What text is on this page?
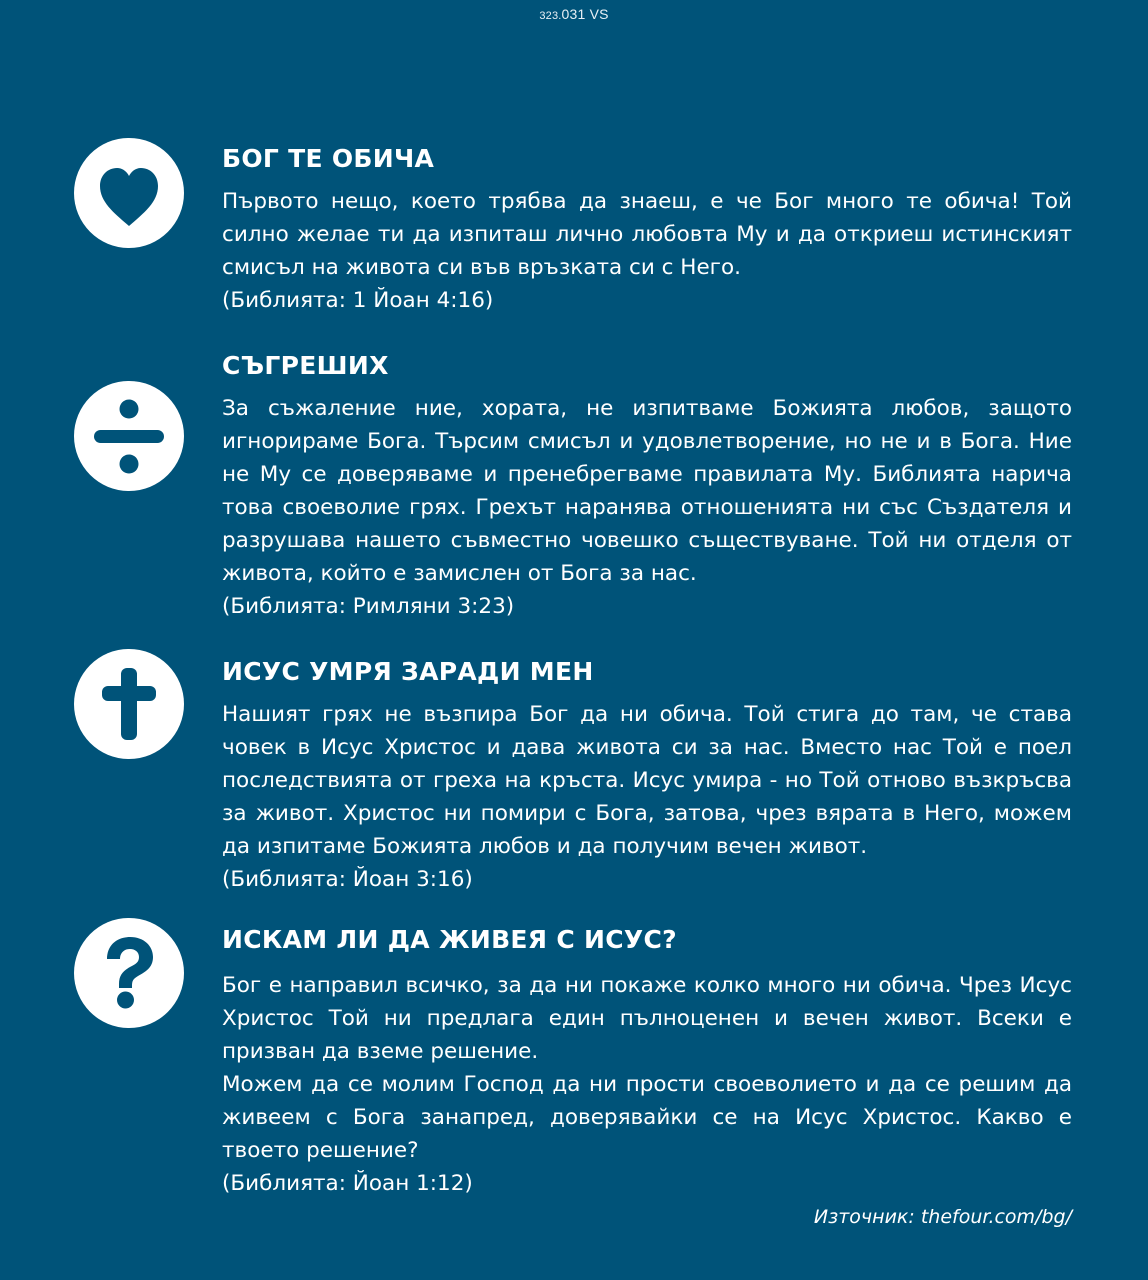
323.031 VS
БОГ ТЕ ОБИЧА

Първото нещо, което трябва да знаеш, е че Бог много те обича! Той силно желае ти да изпиташ лично любовта Му и да откриеш истинският смисъл на живота си във връзката си с Него.

(Библията: 1 Йоан 4:16)

СЪГРЕШИХ

За съжаление ние, хората, не изпитваме Божията любов, защото игнорираме Бога. Търсим смисъл и удовлетворение, но не и в Бога. Ние не Му се доверяваме и пренебрегваме правилата Му. Библията нарича това своеволие грях. Грехът наранява отношенията ни със Създателя и разрушава нашето съвместно човешко съществуване. Той ни отделя от живота, който е замислен от Бога за нас.

(Библията: Римляни 3:23)

ИСУС УМРЯ ЗАРАДИ МЕН

Нашият грях не възпира Бог да ни обича. Той стига до там, че става човек в Исус Христос и дава живота си за нас. Вместо нас Той е поел последствията от греха на кръста. Исус умира - но Той отново възкръсва за живот. Христос ни помири с Бога, затова, чрез вярата в Него, можем да изпитаме Божията любов и да получим вечен живот.

(Библията: Йоан 3:16)

ИСКАМ ЛИ ДА ЖИВЕЯ С ИСУС?

Бог е направил всичко, за да ни покаже колко много ни обича. Чрез Исус Христос Той ни предлага един пълноценен и вечен живот. Всеки е призван да вземе решение.

Можем да се молим Господ да ни прости своеволието и да се решим да живеем с Бога занапред, доверявайки се на Исус Христос. Какво е твоето решение?

(Библията: Йоан 1:12)

Източник: thefour.com/bg/
